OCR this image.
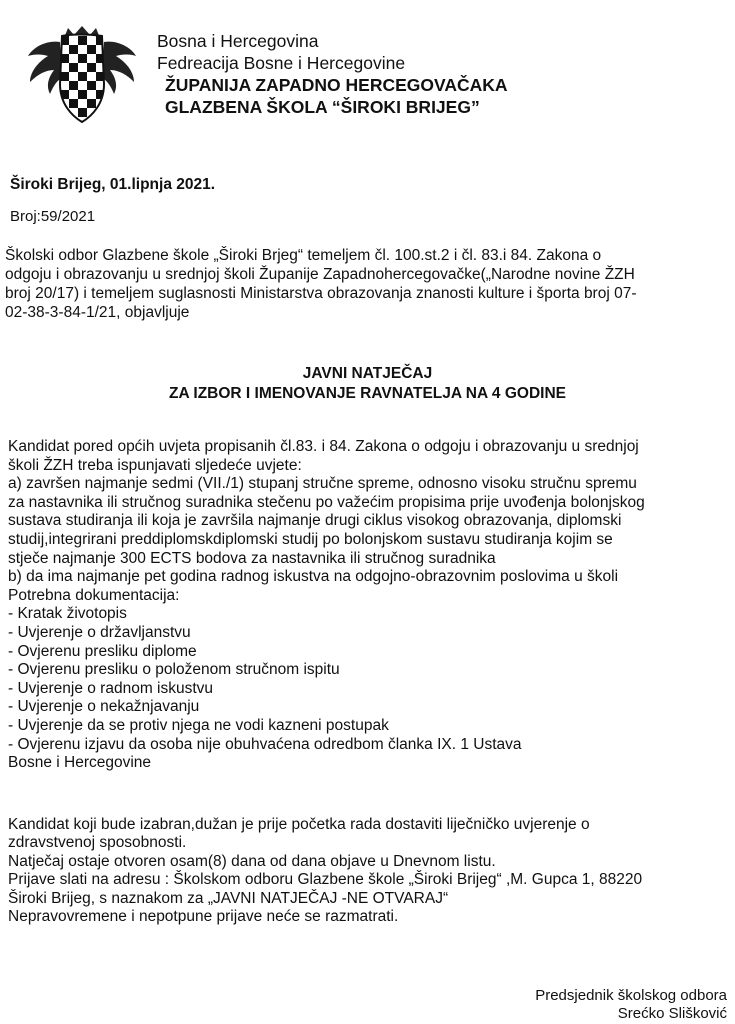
Bosna i Hercegovina
Fedreacija Bosne i Hercegovine
ŽUPANIJA ZAPADNO HERCEGOVAČAKA
GLAZBENA ŠKOLA “ŠIROKI BRIJEG”
Široki Brijeg, 01.lipnja 2021.
Broj:59/2021
Školski odbor Glazbene škole „Široki Brjeg“ temeljem čl. 100.st.2 i čl. 83.i 84. Zakona o
odgoju i obrazovanju u srednjoj školi Županije Zapadnohercegovačke(„Narodne novine ŽZH
broj 20/17) i temeljem suglasnosti Ministarstva obrazovanja znanosti kulture i športa broj 07-
02-38-3-84-1/21, objavljuje
JAVNI NATJEČAJ
ZA IZBOR I IMENOVANJE RAVNATELJA NA 4 GODINE
Kandidat pored općih uvjeta propisanih čl.83. i 84. Zakona o odgoju i obrazovanju u srednjoj
školi ŽZH treba ispunjavati sljedeće uvjete:
a) završen najmanje sedmi (VII./1) stupanj stručne spreme, odnosno visoku stručnu spremu
za nastavnika ili stručnog suradnika stečenu po važećim propisima prije uvođenja bolonjskog
sustava studiranja ili koja je završila najmanje drugi ciklus visokog obrazovanja, diplomski
studij,integrirani preddiplomskdiplomski studij po bolonjskom sustavu studiranja kojim se
stječe najmanje 300 ECTS bodova za nastavnika ili stručnog suradnika
b) da ima najmanje pet godina radnog iskustva na odgojno-obrazovnim poslovima u školi
Potrebna dokumentacija:
- Kratak životopis
- Uvjerenje o državljanstvu
- Ovjerenu presliku diplome
- Ovjerenu presliku o položenom stručnom ispitu
- Uvjerenje o radnom iskustvu
- Uvjerenje o nekažnjavanju
- Uvjerenje da se protiv njega ne vodi kazneni postupak
- Ovjerenu izjavu da osoba nije obuhvaćena odredbom članka IX. 1 Ustava
Bosne i Hercegovine
Kandidat koji bude izabran,dužan je prije početka rada dostaviti liječničko uvjerenje o
zdravstvenoj sposobnosti.
Natječaj ostaje otvoren osam(8) dana od dana objave u Dnevnom listu.
Prijave slati na adresu : Školskom odboru Glazbene škole „Široki Brijeg“ ,M. Gupca 1, 88220
Široki Brijeg, s naznakom za „JAVNI NATJEČAJ -NE OTVARAJ“
Nepravovremene i nepotpune prijave neće se razmatrati.
Predsjednik školskog odbora
Srećko Slišković
